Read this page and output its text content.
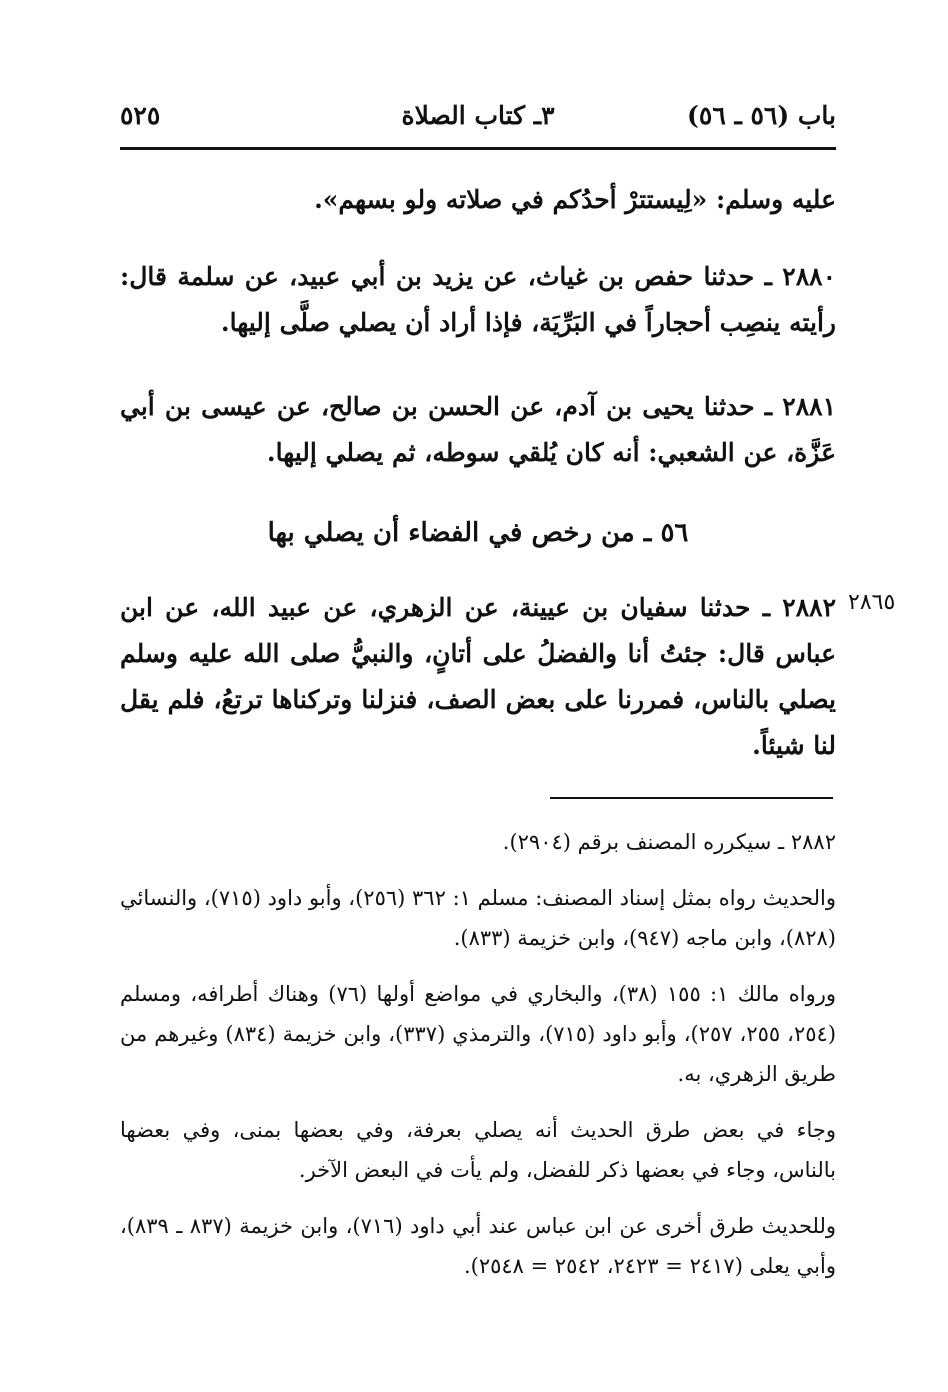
باب (٥٦ ـ ٥٦)
٣ـ كتاب الصلاة
٥٢٥
عليه وسلم: «لِيستترْ أحدُكم في صلاته ولو بسهم».
٢٨٨٠ ـ حدثنا حفص بن غياث، عن يزيد بن أبي عبيد، عن سلمة قال: رأيته ينصِب أحجاراً في البَرِّيَة، فإذا أراد أن يصلي صلَّى إليها.
٢٨٨١ ـ حدثنا يحيى بن آدم، عن الحسن بن صالح، عن عيسى بن أبي عَزَّة، عن الشعبي: أنه كان يُلقي سوطه، ثم يصلي إليها.
٥٦ ـ من رخص في الفضاء أن يصلي بها
٢٨٦٥
٢٨٨٢ ـ حدثنا سفيان بن عيينة، عن الزهري، عن عبيد الله، عن ابن عباس قال: جئتُ أنا والفضلُ على أتانٍ، والنبيُّ صلى الله عليه وسلم يصلي بالناس، فمررنا على بعض الصف، فنزلنا وتركناها ترتعُ، فلم يقل لنا شيئاً.
٢٨٨٢ ـ سيكرره المصنف برقم (٢٩٠٤).
والحديث رواه بمثل إسناد المصنف: مسلم ١: ٣٦٢ (٢٥٦)، وأبو داود (٧١٥)، والنسائي (٨٢٨)، وابن ماجه (٩٤٧)، وابن خزيمة (٨٣٣).
ورواه مالك ١: ١٥٥ (٣٨)، والبخاري في مواضع أولها (٧٦) وهناك أطرافه، ومسلم (٢٥٤، ٢٥٥، ٢٥٧)، وأبو داود (٧١٥)، والترمذي (٣٣٧)، وابن خزيمة (٨٣٤) وغيرهم من طريق الزهري، به.
وجاء في بعض طرق الحديث أنه يصلي بعرفة، وفي بعضها بمنى، وفي بعضها بالناس، وجاء في بعضها ذكر للفضل، ولم يأت في البعض الآخر.
وللحديث طرق أخرى عن ابن عباس عند أبي داود (٧١٦)، وابن خزيمة (٨٣٧ ـ ٨٣٩)، وأبي يعلى (٢٤١٧ = ٢٤٢٣، ٢٥٤٢ = ٢٥٤٨).
